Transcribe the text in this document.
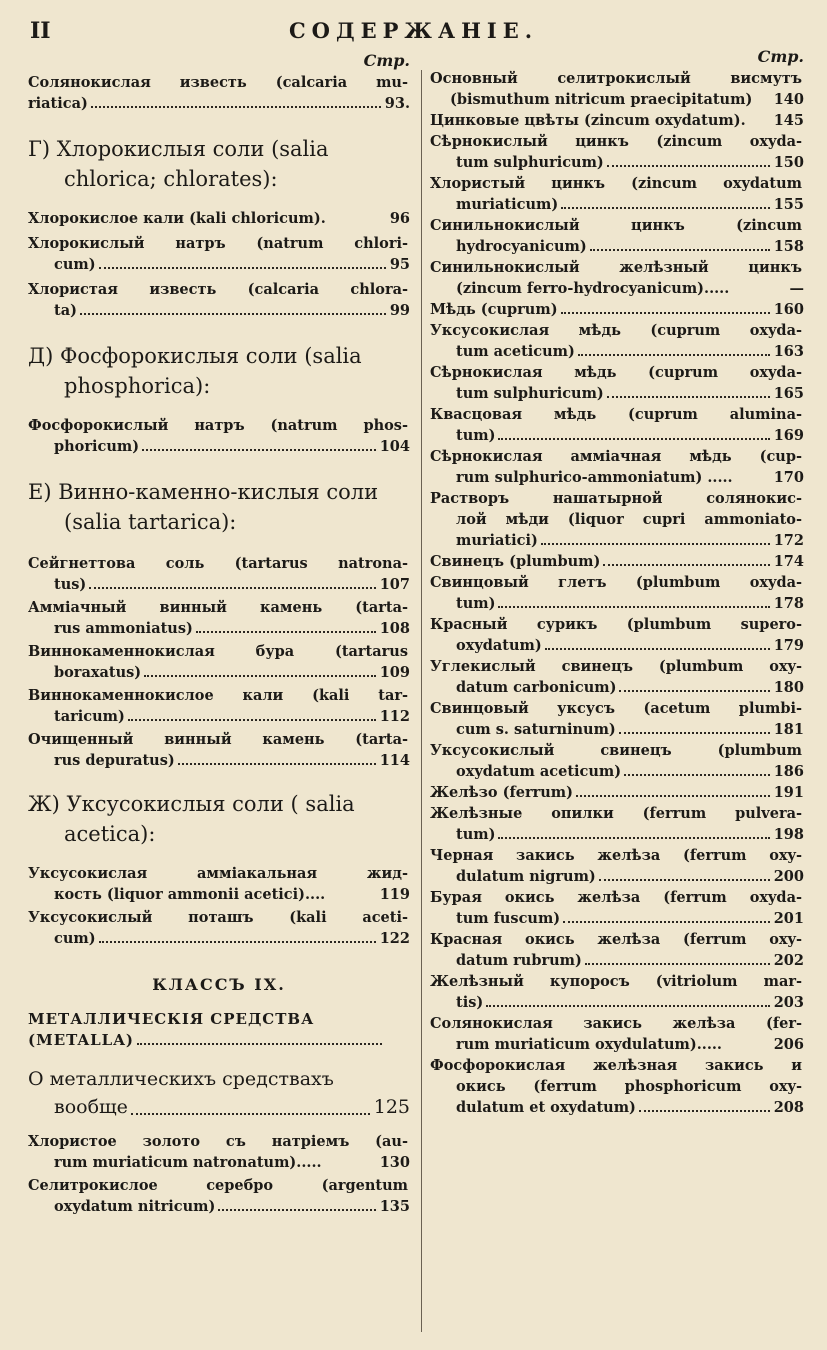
II	СОДЕРЖАНІЕ.
Стр.
Солянокислая известь (calcaria mu-
riatica)	93.
Г) Хлорокислыя соли (salia
chlorica; chlorates):
Хлорокислое кали (kali chloricum).	96
Хлорокислый натръ (natrum chlori-
cum)	95
Хлористая известь (calcaria chlora-
ta)	99
Д) Фосфорокислыя соли (salia
phosphorica):
Фосфорокислый натръ (natrum phos-
phoricum)	104
Е) Винно-каменно-кислыя соли
(salia tartarica):
Сейгнеттова соль (tartarus natrona-
tus)	107
Амміачный винный камень (tarta-
rus ammoniatus)	108
Виннокаменнокислая бура (tartarus
boraxatus)	109
Виннокаменнокислое кали (kali tar-
taricum)	112
Очищенный винный камень (tarta-
rus depuratus)	114
Ж) Уксусокислыя соли ( salia
acetica):
Уксусокислая амміакальная жид-
кость (liquor ammonii acetici)....	119
Уксусокислый поташъ (kali aceti-
cum)	122
КЛАССЪ IX.
МЕТАЛЛИЧЕСКІЯ СРЕДСТВА
(METALLA)
О металлическихъ средствахъ
вообще	125
Хлористое золото съ натріемъ (au-
rum muriaticum natronatum).....	130
Селитрокислое серебро (argentum
oxydatum nitricum)	135
Стр.
Основный селитрокислый висмутъ
(bismuthum nitricum praecipitatum)	140
Цинковые цвѣты (zincum oxydatum).	145
Сѣрнокислый цинкъ (zincum oxyda-
tum sulphuricum)	150
Хлористый цинкъ (zincum oxydatum
muriaticum)	155
Синильнокислый цинкъ (zincum
hydrocyanicum)	158
Синильнокислый желѣзный цинкъ
(zincum ferro-hydrocyanicum).....	—
Мѣдь (cuprum)	160
Уксусокислая мѣдь (cuprum oxyda-
tum aceticum)	163
Сѣрнокислая мѣдь (cuprum oxyda-
tum sulphuricum)	165
Квасцовая мѣдь (cuprum alumina-
tum)	169
Сѣрнокислая амміачная мѣдь (cup-
rum sulphurico-ammoniatum) .....	170
Растворъ нашатырной солянокис-
лой мѣди (liquor cupri ammoniato-
muriatici)	172
Свинецъ (plumbum)	174
Свинцовый глетъ (plumbum oxyda-
tum)	178
Красный сурикъ (plumbum supero-
oxydatum)	179
Углекислый свинецъ (plumbum oxy-
datum carbonicum)	180
Свинцовый уксусъ (acetum plumbi-
cum s. saturninum)	181
Уксусокислый свинецъ (plumbum
oxydatum aceticum)	186
Желѣзо (ferrum)	191
Желѣзные опилки (ferrum pulvera-
tum)	198
Черная закись желѣза (ferrum oxy-
dulatum nigrum)	200
Бурая окись желѣза (ferrum oxyda-
tum fuscum)	201
Красная окись желѣза (ferrum oxy-
datum rubrum)	202
Желѣзный купоросъ (vitriolum mar-
tis)	203
Солянокислая закись желѣза (fer-
rum muriaticum oxydulatum).....	206
Фосфорокислая желѣзная закись и
окись (ferrum phosphoricum oxy-
dulatum et oxydatum)	208
